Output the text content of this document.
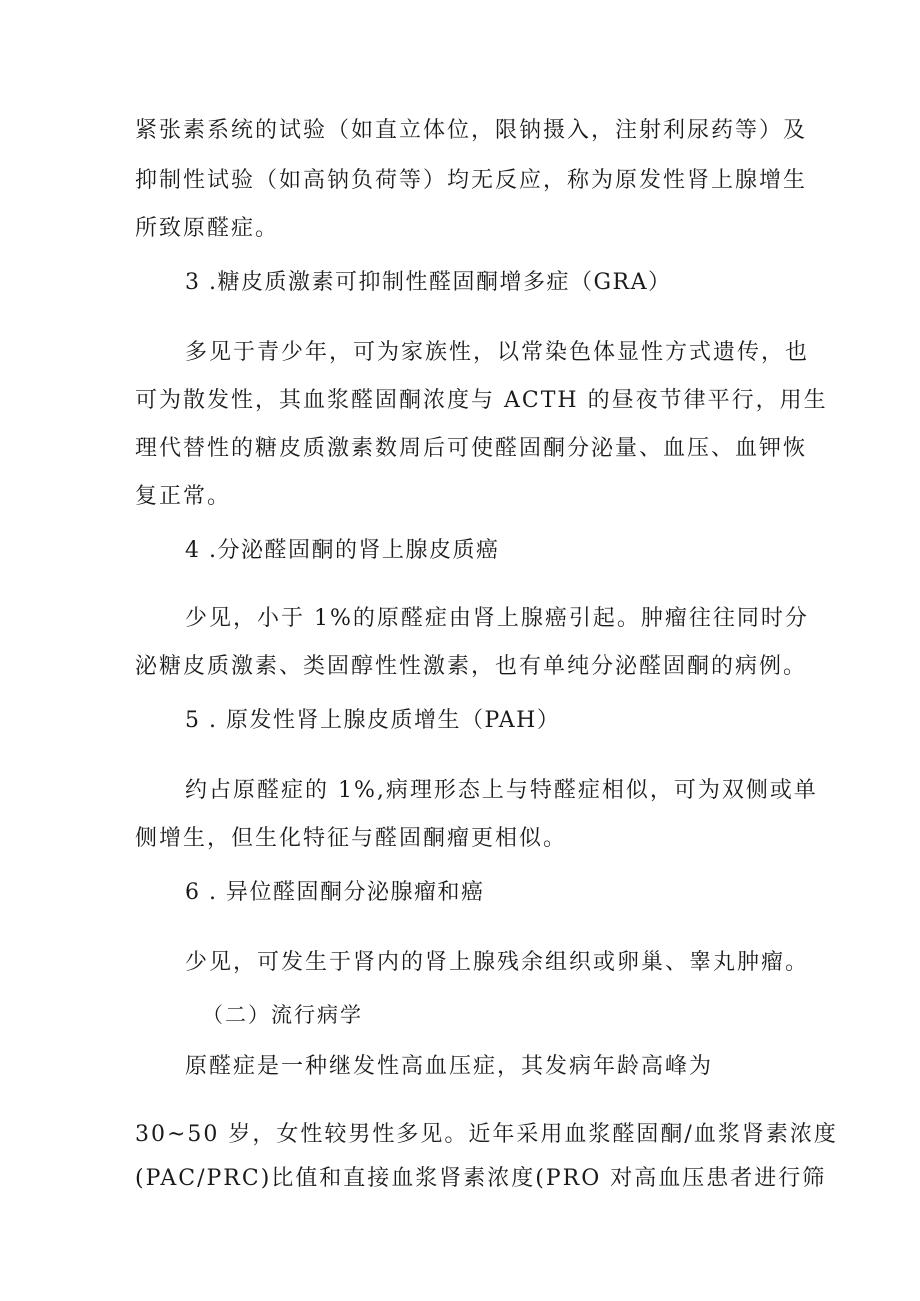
紧张素系统的试验（如直立体位，限钠摄入，注射利尿药等）及
抑制性试验（如高钠负荷等）均无反应，称为原发性肾上腺增生
所致原醛症。
3 .糖皮质激素可抑制性醛固酮增多症（GRA）
多见于青少年，可为家族性，以常染色体显性方式遗传，也
可为散发性，其血浆醛固酮浓度与 ACTH 的昼夜节律平行，用生
理代替性的糖皮质激素数周后可使醛固酮分泌量、血压、血钾恢
复正常。
4 .分泌醛固酮的肾上腺皮质癌
少见，小于 1%的原醛症由肾上腺癌引起。肿瘤往往同时分
泌糖皮质激素、类固醇性性激素，也有单纯分泌醛固酮的病例。
5 . 原发性肾上腺皮质增生（PAH）
约占原醛症的 1%,病理形态上与特醛症相似，可为双侧或单
侧增生，但生化特征与醛固酮瘤更相似。
6 . 异位醛固酮分泌腺瘤和癌
少见，可发生于肾内的肾上腺残余组织或卵巢、睾丸肿瘤。
（二）流行病学
原醛症是一种继发性高血压症，其发病年龄高峰为
30~50 岁，女性较男性多见。近年采用血浆醛固酮/血浆肾素浓度
(PAC/PRC)比值和直接血浆肾素浓度(PRO 对高血压患者进行筛
